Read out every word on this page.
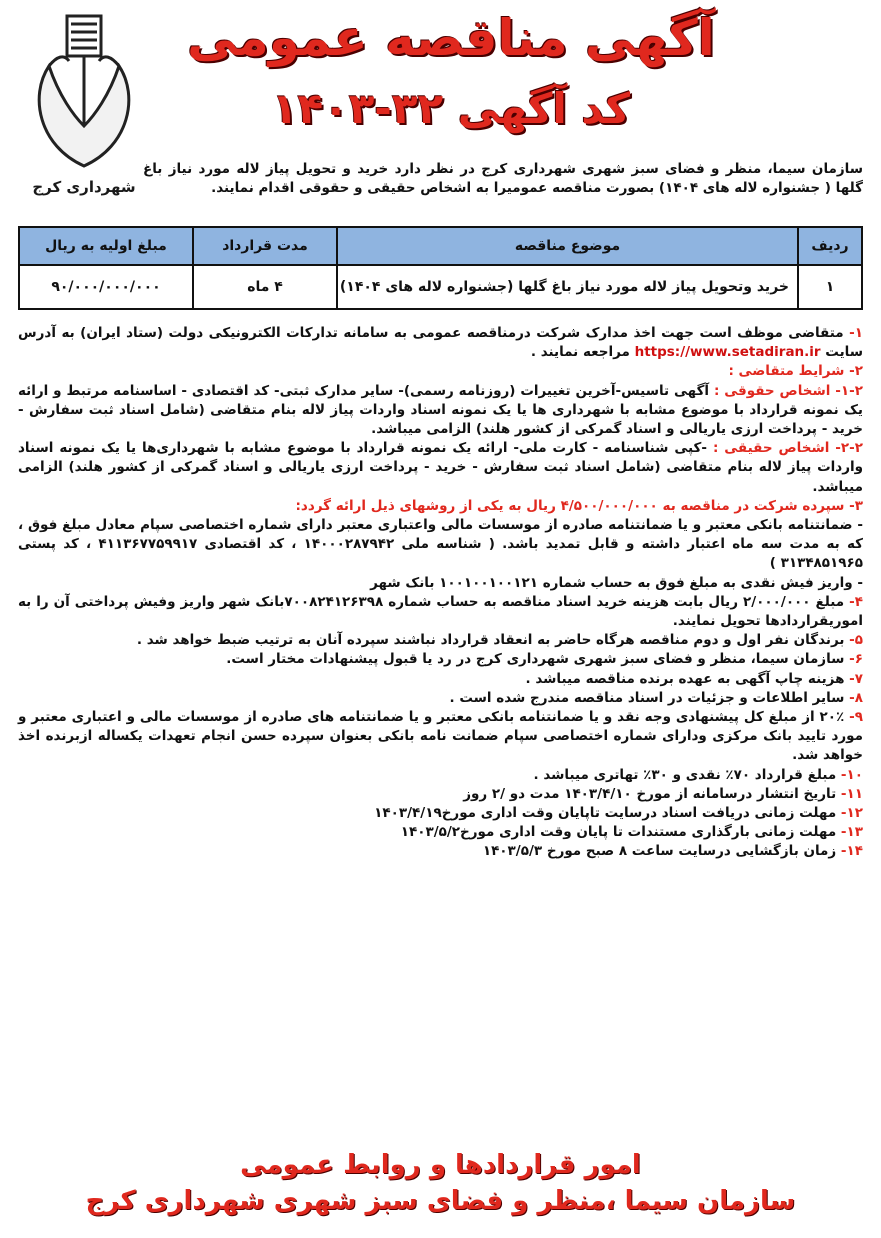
شهرداری کرج
آگهی مناقصه عمومی
کد آگهی ۳۲-۱۴۰۳
سازمان سیما، منظر و فضای سبز شهری شهرداری کرج در نظر دارد خرید و تحویل پیاز لاله مورد نیاز باغ گلها ( جشنواره لاله های ۱۴۰۴) بصورت مناقصه عمومیرا به اشخاص حقیقی و حقوقی اقدام نمایند.
ردیف	موضوع مناقصه	مدت قرارداد	مبلغ اولیه به ریال
۱	خرید وتحویل پیاز لاله مورد نیاز باغ گلها (جشنواره لاله های ۱۴۰۴)	۴ ماه	۹۰/۰۰۰/۰۰۰/۰۰۰

۱- متقاضی موظف است جهت اخذ مدارک شرکت درمناقصه عمومی به سامانه تدارکات الکترونیکی دولت (ستاد ایران) به آدرس سایت https://www.setadiran.ir مراجعه نمایند .

۲- شرایط متقاضی :

۱-۲- اشخاص حقوقی : آگهی تاسیس-آخرین تغییرات (روزنامه رسمی)- سایر مدارک ثبتی- کد اقتصادی - اساسنامه مرتبط و ارائه یک نمونه قرارداد با موضوع مشابه با شهرداری ها یا یک نمونه اسناد واردات پیاز لاله بنام متقاضی (شامل اسناد ثبت سفارش - خرید - پرداخت ارزی یاریالی و اسناد گمرکی از کشور هلند) الزامی میباشد.

۲-۲- اشخاص حقیقی : -کپی شناسنامه - کارت ملی- ارائه یک نمونه قرارداد با موضوع مشابه با شهرداری‌ها یا یک نمونه اسناد واردات پیاز لاله بنام متقاضی (شامل اسناد ثبت سفارش - خرید - پرداخت ارزی یاریالی و اسناد گمرکی از کشور هلند) الزامی میباشد.

۳- سپرده شرکت در مناقصه به ۴/۵۰۰/۰۰۰/۰۰۰ ریال به یکی از روشهای ذیل ارائه گردد:

- ضمانتنامه بانکی معتبر و یا ضمانتنامه صادره از موسسات مالی واعتباری معتبر دارای شماره اختصاصی سپام معادل مبلغ فوق ، که به مدت سه ماه اعتبار داشته و قابل تمدید باشد. ( شناسه ملی ۱۴۰۰۰۲۸۷۹۴۲ ، کد اقتصادی ۴۱۱۳۶۷۷۵۹۹۱۷ ، کد پستی ۳۱۳۴۸۵۱۹۶۵ )

- واریز فیش نقدی به مبلغ فوق به حساب شماره ۱۰۰۱۰۰۱۰۰۱۲۱ بانک شهر

۴- مبلغ ۲/۰۰۰/۰۰۰ ریال بابت هزینه خرید اسناد مناقصه به حساب شماره ۷۰۰۸۲۴۱۲۶۳۹۸بانک شهر واریز وفیش پرداختی آن را به اموریقراردادها تحویل نمایند.

۵- برندگان نفر اول و دوم مناقصه هرگاه حاضر به انعقاد قرارداد نباشند سپرده آنان به ترتیب ضبط خواهد شد .

۶- سازمان سیما، منظر و فضای سبز شهری شهرداری کرج در رد یا قبول پیشنهادات مختار است.

۷- هزینه چاپ آگهی به عهده برنده مناقصه میباشد .

۸- سایر اطلاعات و جزئیات در اسناد مناقصه مندرج شده است .

۹- ۲۰٪ از مبلغ کل پیشنهادی وجه نقد و یا ضمانتنامه بانکی معتبر و یا ضمانتنامه های صادره از موسسات مالی و اعتباری معتبر و مورد تایید بانک مرکزی ودارای شماره اختصاصی سپام ضمانت نامه بانکی بعنوان سپرده حسن انجام تعهدات یکساله ازبرنده اخذ خواهد شد.

۱۰- مبلغ قرارداد ۷۰٪ نقدی و ۳۰٪ تهاتری میباشد .

۱۱- تاریخ انتشار درسامانه از مورخ ۱۴۰۳/۴/۱۰ مدت دو /۲ روز

۱۲- مهلت زمانی دریافت اسناد درسایت تاپایان وقت اداری مورخ۱۴۰۳/۴/۱۹

۱۳- مهلت زمانی بارگذاری مستندات تا پایان وقت اداری مورخ۱۴۰۳/۵/۲

۱۴- زمان بازگشایی درسایت ساعت ۸ صبح مورخ ۱۴۰۳/۵/۳

امور قراردادها و روابط عمومی
سازمان سیما ،منظر و فضای سبز شهری شهرداری کرج
